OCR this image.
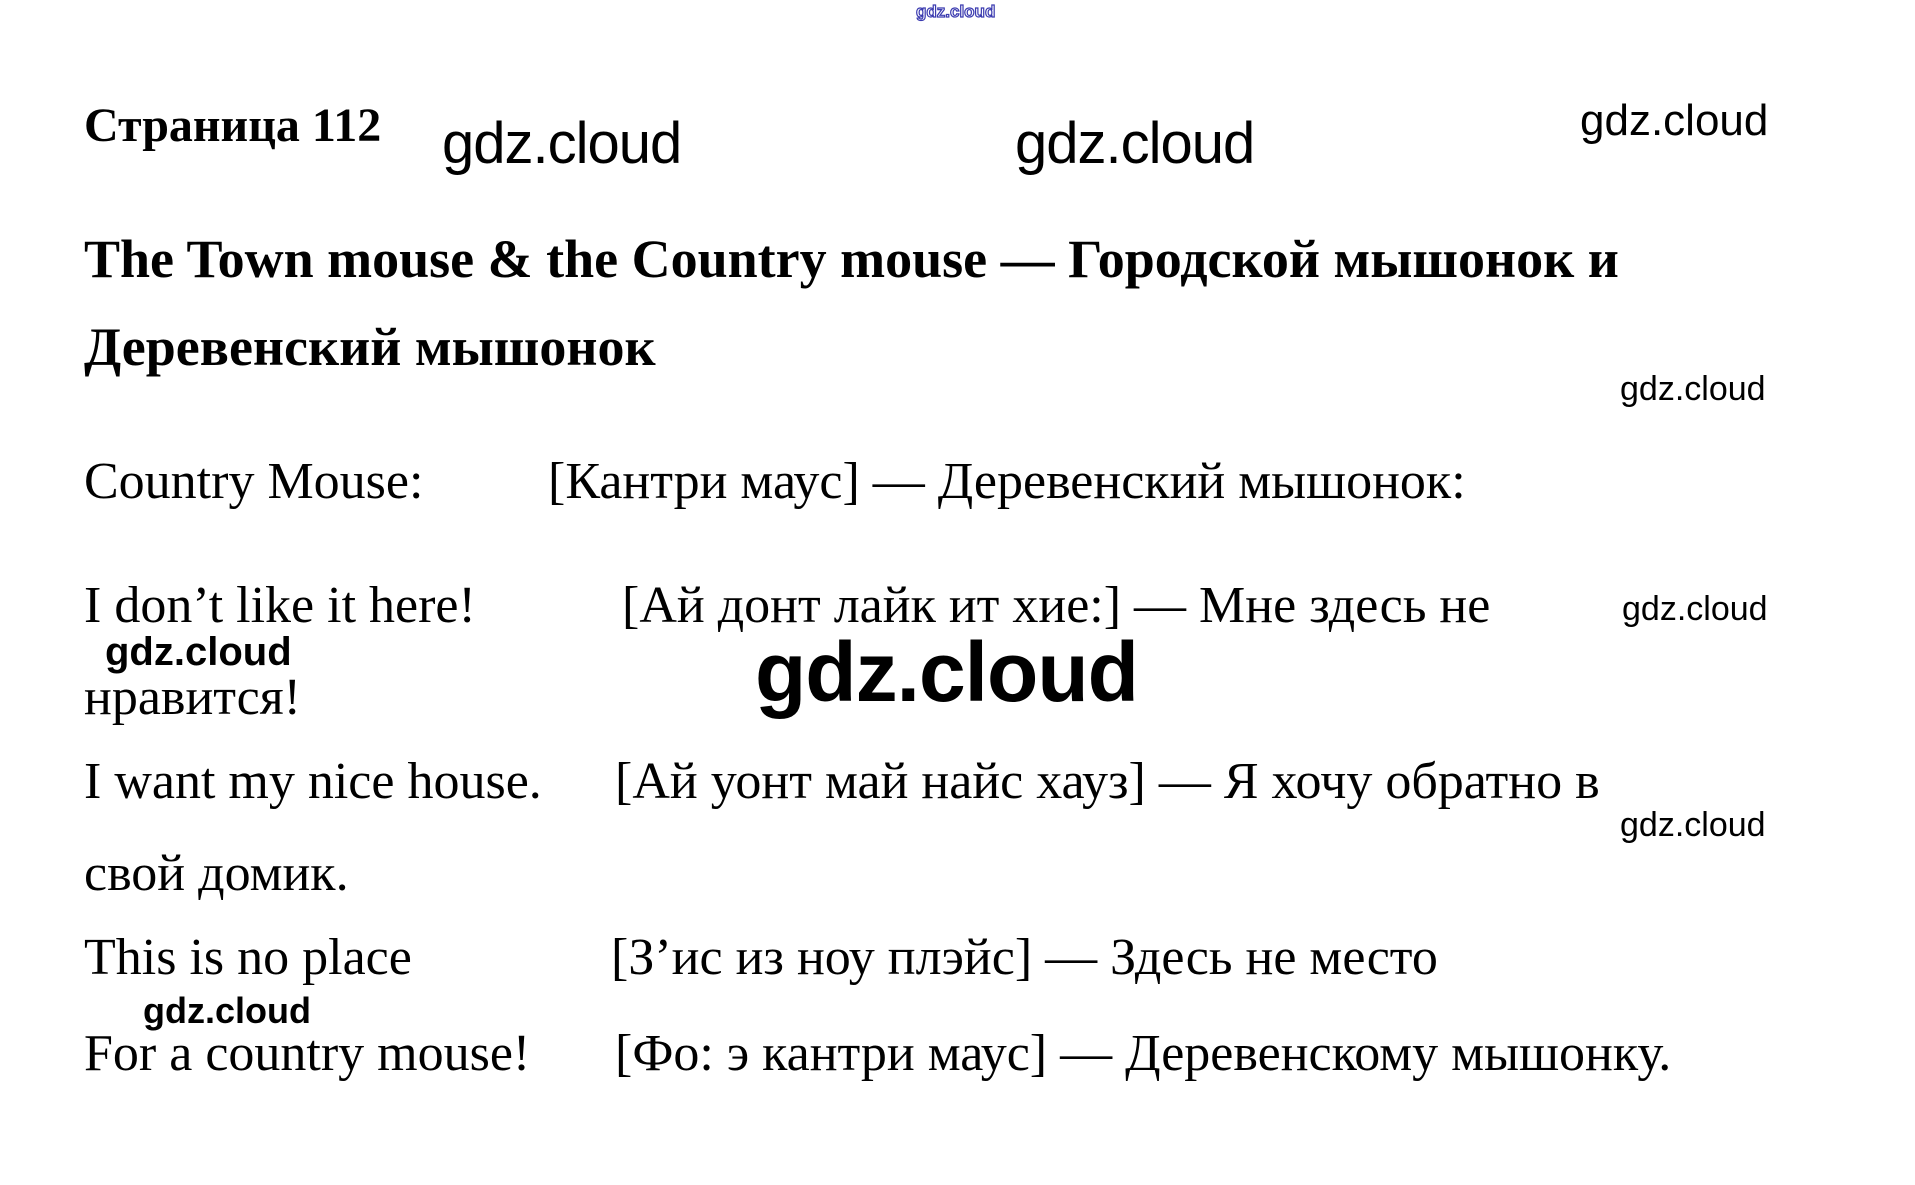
gdz.cloud
Страница 112 gdz.cloud	gdz.cloud	gdz.cloud
The Town mouse & the Country mouse — Городской мышонок и
Деревенский мышонок
gdz.cloud
Country Mouse: [Кантри маус] — Деревенский мышонок:
I don’t like it here!	[Ай донт лайк ит хие:] — Мне здесь не	gdz.cloud
gdz.cloud
нравится!	gdz.cloud
I want my nice house. [Ай уонт май найс хауз] — Я хочу обратно в
gdz.cloud
свой домик.
This is no place	[З’ис из ноу плэйс] — Здесь не место
gdz.cloud
For a country mouse! [Фо: э кантри маус] — Деревенскому мышонку.
